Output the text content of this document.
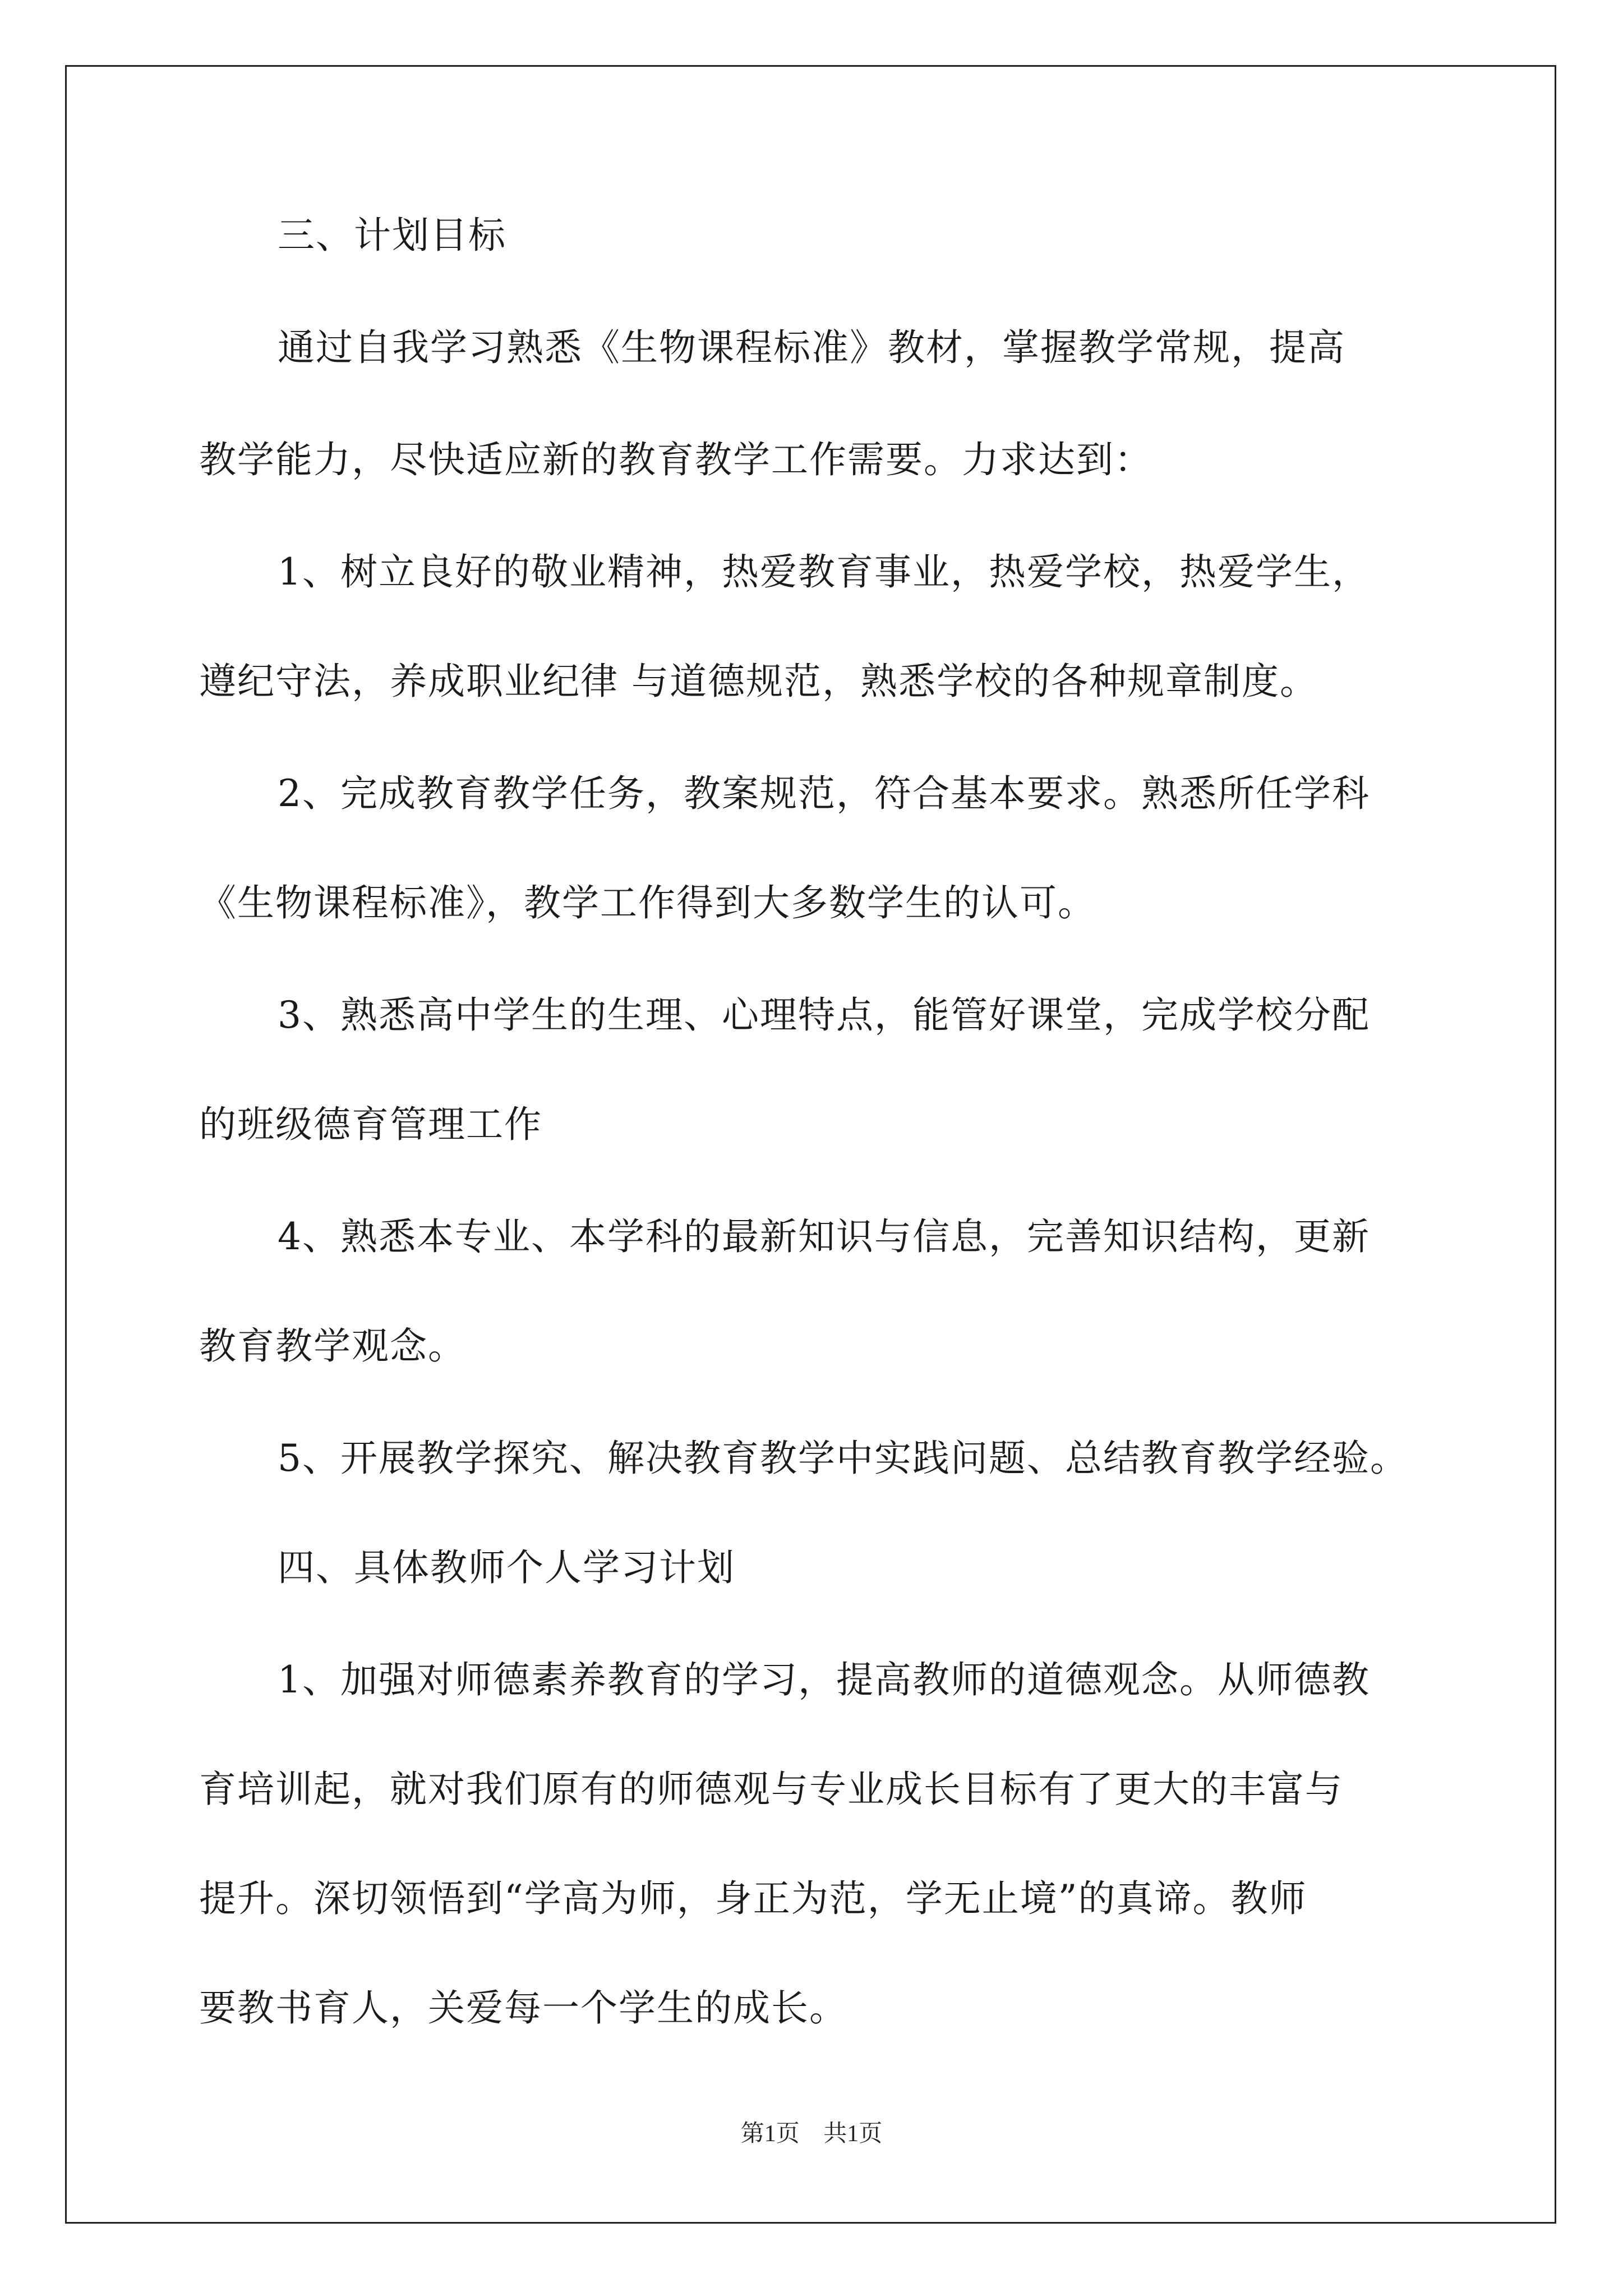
三、计划目标
通过自我学习熟悉《生物课程标准》教材，掌握教学常规，提高
教学能力，尽快适应新的教育教学工作需要。力求达到：
1、树立良好的敬业精神，热爱教育事业，热爱学校，热爱学生，
遵纪守法，养成职业纪律 与道德规范，熟悉学校的各种规章制度。
2、完成教育教学任务，教案规范，符合基本要求。熟悉所任学科
《生物课程标准》，教学工作得到大多数学生的认可。
3、熟悉高中学生的生理、心理特点，能管好课堂，完成学校分配
的班级德育管理工作
4、熟悉本专业、本学科的最新知识与信息，完善知识结构，更新
教育教学观念。
5、开展教学探究、解决教育教学中实践问题、总结教育教学经验。
四、具体教师个人学习计划
1、加强对师德素养教育的学习，提高教师的道德观念。从师德教
育培训起，就对我们原有的师德观与专业成长目标有了更大的丰富与
提升。深切领悟到“学高为师，身正为范，学无止境”的真谛。教师
要教书育人，关爱每一个学生的成长。
第1页 共1页
